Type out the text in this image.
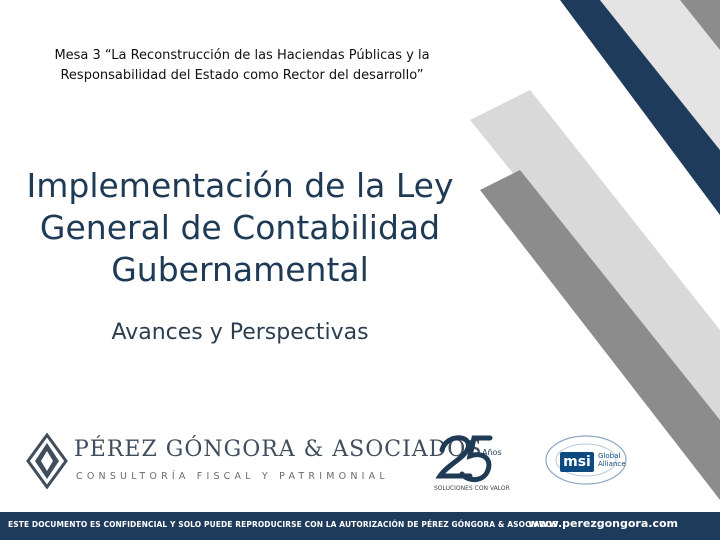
Mesa 3 “La Reconstrucción de las Haciendas Públicas y la Responsabilidad del Estado como Rector del desarrollo”
Implementación de la Ley
General de Contabilidad
Gubernamental
Avances y Perspectivas
PÉREZ GÓNGORA & ASOCIADOS
CONSULTORÍA FISCAL Y PATRIMONIAL
Años
SOLUCIONES CON VALOR
msi	Global
Alliance
ESTE DOCUMENTO ES CONFIDENCIAL Y SOLO PUEDE REPRODUCIRSE CON LA AUTORIZACIÓN DE PÉREZ GÓNGORA & ASOCIADOS
www.perezgongora.com
